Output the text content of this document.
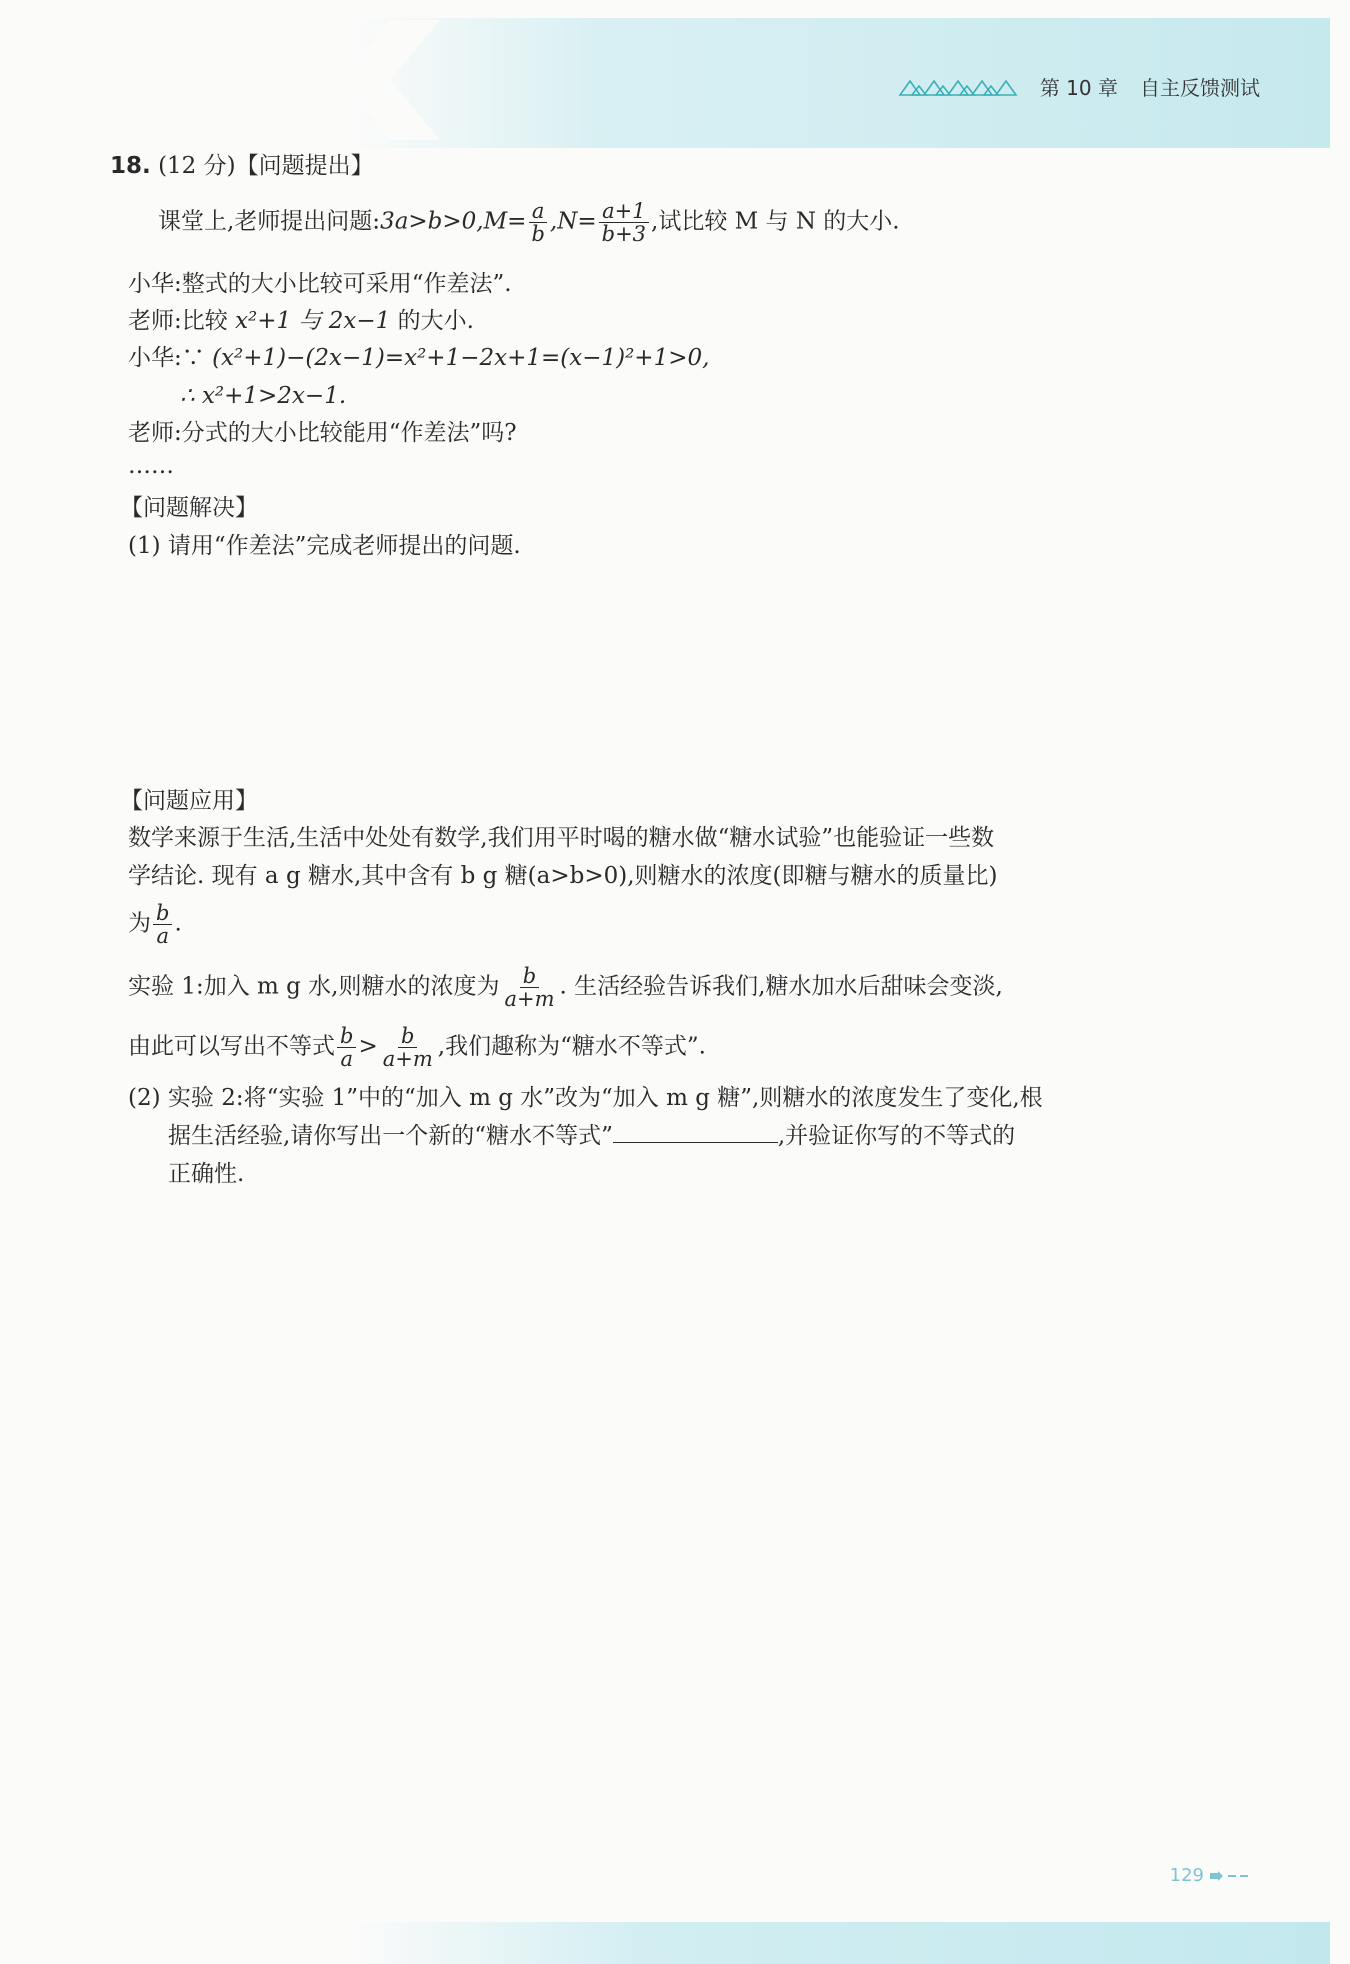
第 10 章 自主反馈测试
18. (12 分)【问题提出】
课堂上,老师提出问题:3a>b>0,M= $\frac{a}{b} ,N= \frac{a+1}{b+3}$ ,试比较 M 与 N 的大小.
小华:整式的大小比较可采用“作差法”.
老师:比较 x²+1 与 2x−1 的大小.
小华:∵ (x²+1)−(2x−1)=x²+1−2x+1=(x−1)²+1>0,
∴ x²+1>2x−1.
老师:分式的大小比较能用“作差法”吗?
……
【问题解决】
(1) 请用“作差法”完成老师提出的问题.
【问题应用】
数学来源于生活,生活中处处有数学,我们用平时喝的糖水做“糖水试验”也能验证一些数
学结论. 现有 a g 糖水,其中含有 b g 糖(a>b>0),则糖水的浓度(即糖与糖水的质量比)
为 $\frac{b}{a}$ .
实验 1:加入 m g 水,则糖水的浓度为 $\frac{b}{a+m}$ . 生活经验告诉我们,糖水加水后甜味会变淡,
由此可以写出不等式 $\frac{b}{a} > \frac{b}{a+m}$ ,我们趣称为“糖水不等式”.
(2) 实验 2:将“实验 1”中的“加入 m g 水”改为“加入 m g 糖”,则糖水的浓度发生了变化,根
据生活经验,请你写出一个新的“糖水不等式”	,并验证你写的不等式的
正确性.
129
